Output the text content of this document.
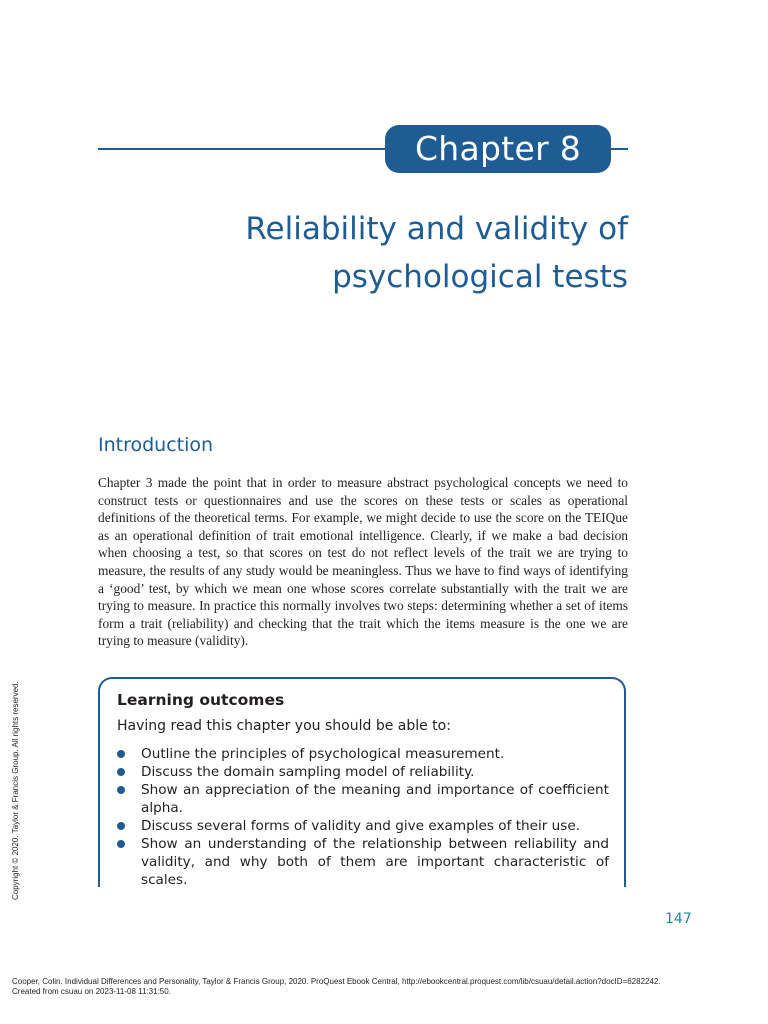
Chapter 8
Reliability and validity of
psychological tests
Introduction
Chapter 3 made the point that in order to measure abstract psychological concepts we need to construct tests or questionnaires and use the scores on these tests or scales as operational definitions of the theoretical terms. For example, we might decide to use the score on the TEIQue as an operational definition of trait emotional intelligence. Clearly, if we make a bad decision when choosing a test, so that scores on test do not reflect levels of the trait we are trying to measure, the results of any study would be meaningless. Thus we have to find ways of identifying a ‘good’ test, by which we mean one whose scores correlate substantially with the trait we are trying to measure. In practice this normally involves two steps: determining whether a set of items form a trait (reliability) and checking that the trait which the items measure is the one we are trying to measure (validity).
Learning outcomes
Having read this chapter you should be able to:
Outline the principles of psychological measurement.
Discuss the domain sampling model of reliability.
Show an appreciation of the meaning and importance of coefficient alpha.
Discuss several forms of validity and give examples of their use.
Show an understanding of the relationship between reliability and validity, and why both of them are important characteristic of scales.
147
Copyright © 2020. Taylor & Francis Group. All rights reserved.
Cooper, Colin. Individual Differences and Personality, Taylor & Francis Group, 2020. ProQuest Ebook Central, http://ebookcentral.proquest.com/lib/csuau/detail.action?docID=6282242.
Created from csuau on 2023-11-08 11:31:50.
